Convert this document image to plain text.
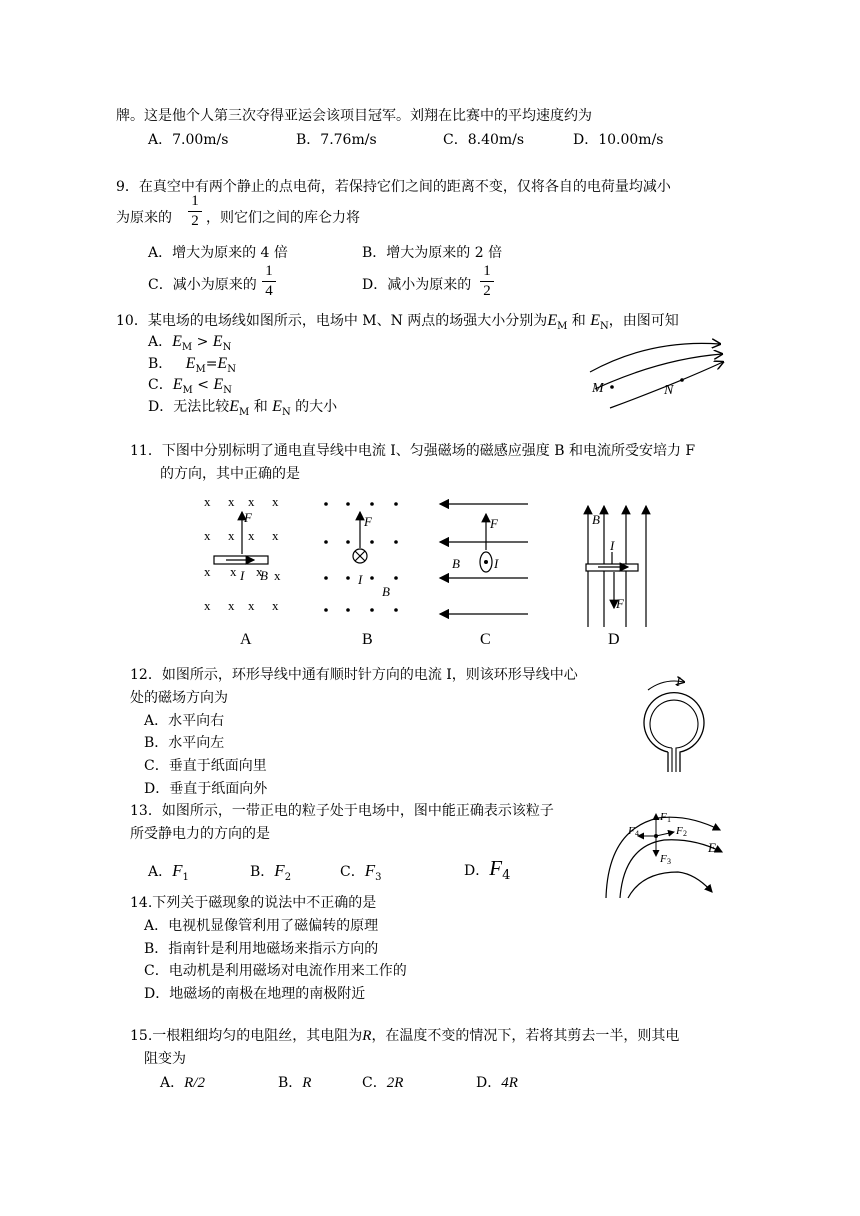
牌。这是他个人第三次夺得亚运会该项目冠军。刘翔在比赛中的平均速度约为
A．7.00m/s	B．7.76m/s	C．8.40m/s	D．10.00m/s
9．在真空中有两个静止的点电荷，若保持它们之间的距离不变，仅将各自的电荷量均减小
为原来的
1
2 ，则它们之间的库仑力将
A．增大为原来的 4 倍	B．增大为原来的 2 倍
C．减小为原来的
1
4	D．减小为原来的
1
2
10．某电场的电场线如图所示，电场中 M、N 两点的场强大小分别为$E_M$ 和 $E_N$，由图可知
A．$E_M > E_N$
B． $E_M=E_N$
C．$E_M < E_N$
D．无法比较$E_M$ 和 $E_N$ 的大小
M	N
11．下图中分别标明了通电直导线中电流 I、匀强磁场的磁感应强度 B 和电流所受安培力 F
的方向，其中正确的是
x x x x
x x x x
x x x x
x x x x
F
I B
A
F
I
B
B
F
B	I
C
B
I
F
D
12．如图所示，环形导线中通有顺时针方向的电流 I，则该环形导线中心
处的磁场方向为
A．水平向右
B．水平向左
C．垂直于纸面向里
D．垂直于纸面向外
I
13．如图所示，一带正电的粒子处于电场中，图中能正确表示该粒子
所受静电力的方向的是
A．$F_1$	B．$F_2$	C．$F_3$	D．$F_4$
F 1
F 2
F 3
F 4
E
14.下列关于磁现象的说法中不正确的是
A．电视机显像管利用了磁偏转的原理
B．指南针是利用地磁场来指示方向的
C．电动机是利用磁场对电流作用来工作的
D．地磁场的南极在地理的南极附近
15.一根粗细均匀的电阻丝，其电阻为R，在温度不变的情况下，若将其剪去一半，则其电
阻变为
A．R/2	B．R	C．2R	D．4R
